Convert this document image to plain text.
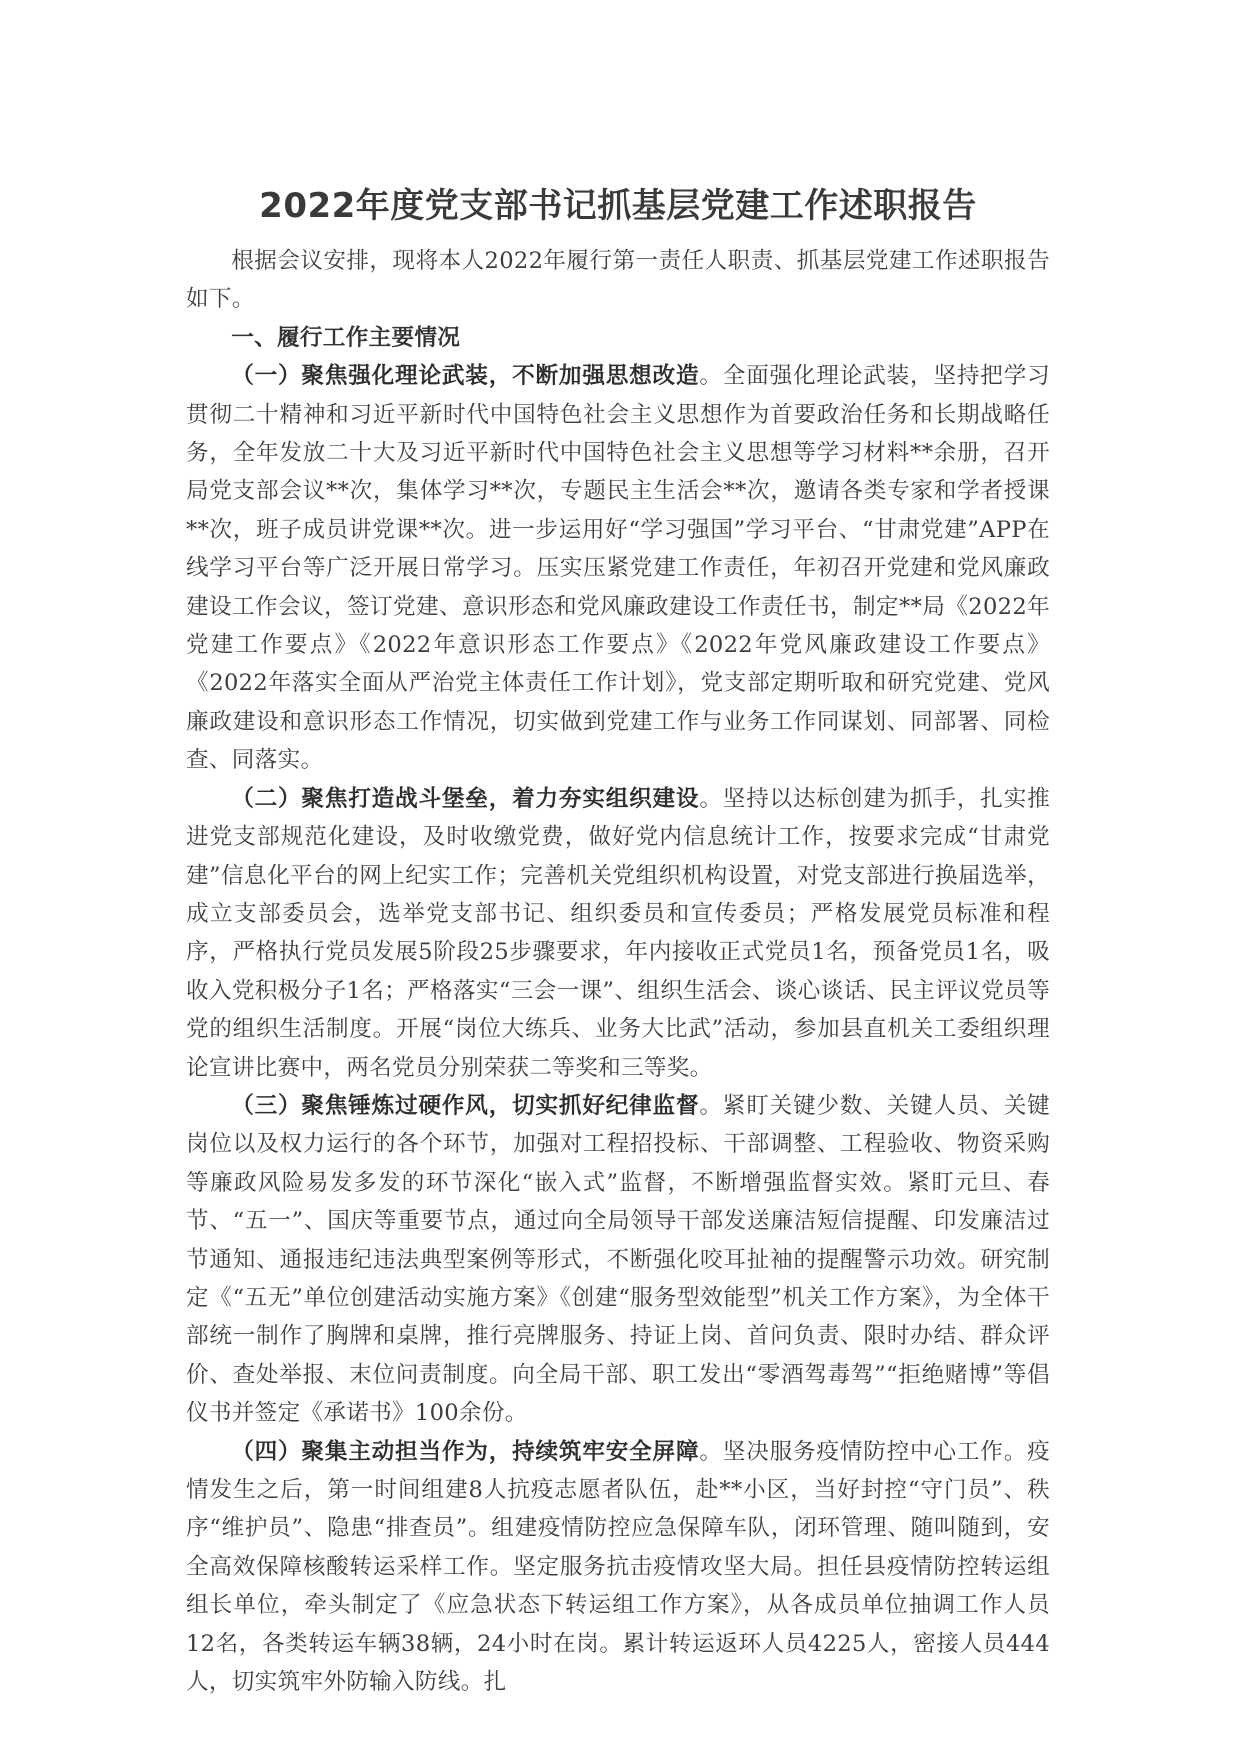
2022年度党支部书记抓基层党建工作述职报告

根据会议安排，现将本人2022年履行第一责任人职责、抓基层党建工作述职报告如下。

一、履行工作主要情况

（一）聚焦强化理论武装，不断加强思想改造。全面强化理论武装，坚持把学习贯彻二十精神和习近平新时代中国特色社会主义思想作为首要政治任务和长期战略任务，全年发放二十大及习近平新时代中国特色社会主义思想等学习材料**余册，召开局党支部会议**次，集体学习**次，专题民主生活会**次，邀请各类专家和学者授课**次，班子成员讲党课**次。进一步运用好“学习强国”学习平台、“甘肃党建”APP在线学习平台等广泛开展日常学习。压实压紧党建工作责任，年初召开党建和党风廉政建设工作会议，签订党建、意识形态和党风廉政建设工作责任书，制定**局《2022年党建工作要点》《2022年意识形态工作要点》《2022年党风廉政建设工作要点》《2022年落实全面从严治党主体责任工作计划》，党支部定期听取和研究党建、党风廉政建设和意识形态工作情况，切实做到党建工作与业务工作同谋划、同部署、同检查、同落实。

（二）聚焦打造战斗堡垒，着力夯实组织建设。坚持以达标创建为抓手，扎实推进党支部规范化建设，及时收缴党费，做好党内信息统计工作，按要求完成“甘肃党建”信息化平台的网上纪实工作；完善机关党组织机构设置，对党支部进行换届选举，成立支部委员会，选举党支部书记、组织委员和宣传委员；严格发展党员标准和程序，严格执行党员发展5阶段25步骤要求，年内接收正式党员1名，预备党员1名，吸收入党积极分子1名；严格落实“三会一课”、组织生活会、谈心谈话、民主评议党员等党的组织生活制度。开展“岗位大练兵、业务大比武”活动，参加县直机关工委组织理论宣讲比赛中，两名党员分别荣获二等奖和三等奖。

（三）聚焦锤炼过硬作风，切实抓好纪律监督。紧盯关键少数、关键人员、关键岗位以及权力运行的各个环节，加强对工程招投标、干部调整、工程验收、物资采购等廉政风险易发多发的环节深化“嵌入式”监督，不断增强监督实效。紧盯元旦、春节、“五一”、国庆等重要节点，通过向全局领导干部发送廉洁短信提醒、印发廉洁过节通知、通报违纪违法典型案例等形式，不断强化咬耳扯袖的提醒警示功效。研究制定《“五无”单位创建活动实施方案》《创建“服务型效能型”机关工作方案》，为全体干部统一制作了胸牌和桌牌，推行亮牌服务、持证上岗、首问负责、限时办结、群众评价、查处举报、末位问责制度。向全局干部、职工发出“零酒驾毒驾”“拒绝赌博”等倡仪书并签定《承诺书》100余份。

（四）聚集主动担当作为，持续筑牢安全屏障。坚决服务疫情防控中心工作。疫情发生之后，第一时间组建8人抗疫志愿者队伍，赴**小区，当好封控“守门员”、秩序“维护员”、隐患“排查员”。组建疫情防控应急保障车队，闭环管理、随叫随到，安全高效保障核酸转运采样工作。坚定服务抗击疫情攻坚大局。担任县疫情防控转运组组长单位，牵头制定了《应急状态下转运组工作方案》，从各成员单位抽调工作人员12名，各类转运车辆38辆，24小时在岗。累计转运返环人员4225人，密接人员444人，切实筑牢外防输入防线。扎
